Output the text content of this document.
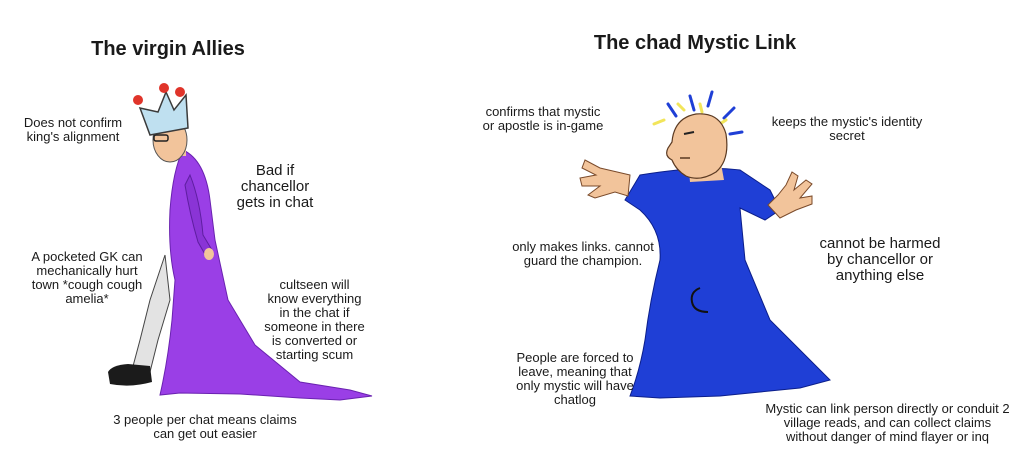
The virgin Allies
Does not confirm
king's alignment
Bad if
chancellor
gets in chat
A pocketed GK can
mechanically hurt
town *cough cough
amelia*
cultseen will
know everything
in the chat if
someone in there
is converted or
starting scum
3 people per chat means claims
can get out easier
The chad Mystic Link
confirms that mystic
or apostle is in-game	keeps the mystic's identity
secret
only makes links. cannot
guard the champion.
cannot be harmed
by chancellor or
anything else
People are forced to
leave, meaning that
only mystic will have
chatlog
Mystic can link person directly or conduit 2
village reads, and can collect claims
without danger of mind flayer or inq
